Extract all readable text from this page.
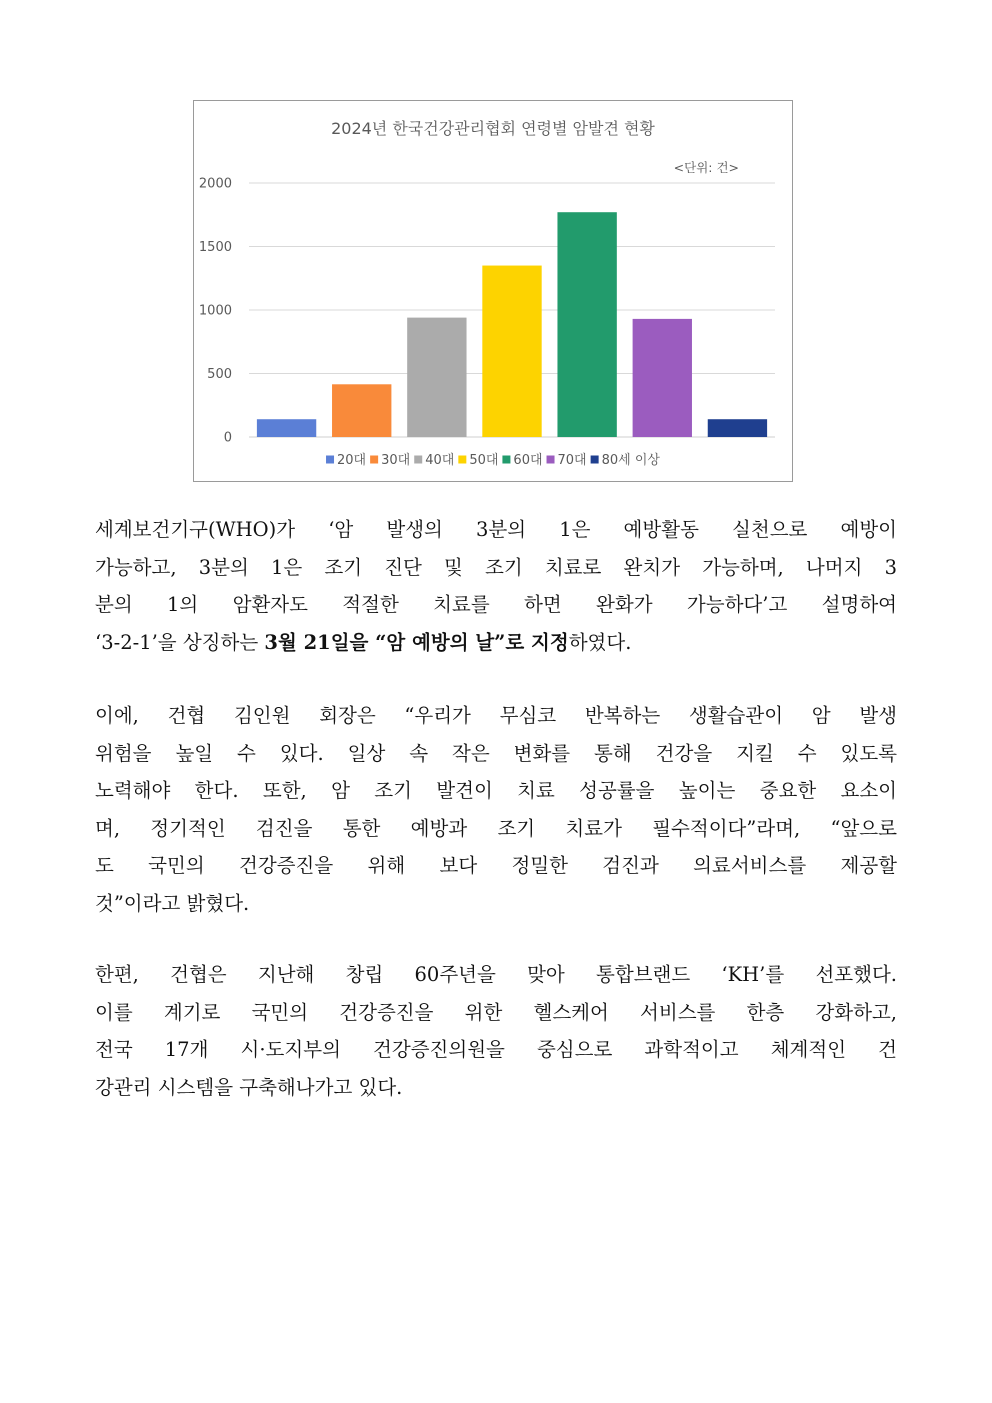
2024년 한국건강관리협회 연령별 암발견 현황
<단위: 건>
0
500
1000
1500
2000
20대 30대 40대 50대 60대 70대 80세 이상
세계보건기구(WHO)가 ‘암 발생의 3분의 1은 예방활동 실천으로 예방이
가능하고, 3분의 1은 조기 진단 및 조기 치료로 완치가 가능하며, 나머지 3
분의 1의 암환자도 적절한 치료를 하면 완화가 가능하다’고 설명하여
‘3-2-1’을 상징하는 3월 21일을 “암 예방의 날”로 지정하였다.
이에, 건협 김인원 회장은 “우리가 무심코 반복하는 생활습관이 암 발생
위험을 높일 수 있다. 일상 속 작은 변화를 통해 건강을 지킬 수 있도록
노력해야 한다. 또한, 암 조기 발견이 치료 성공률을 높이는 중요한 요소이
며, 정기적인 검진을 통한 예방과 조기 치료가 필수적이다”라며, “앞으로
도 국민의 건강증진을 위해 보다 정밀한 검진과 의료서비스를 제공할
것”이라고 밝혔다.
한편, 건협은 지난해 창립 60주년을 맞아 통합브랜드 ‘KH’를 선포했다.
이를 계기로 국민의 건강증진을 위한 헬스케어 서비스를 한층 강화하고,
전국 17개 시·도지부의 건강증진의원을 중심으로 과학적이고 체계적인 건
강관리 시스템을 구축해나가고 있다.
